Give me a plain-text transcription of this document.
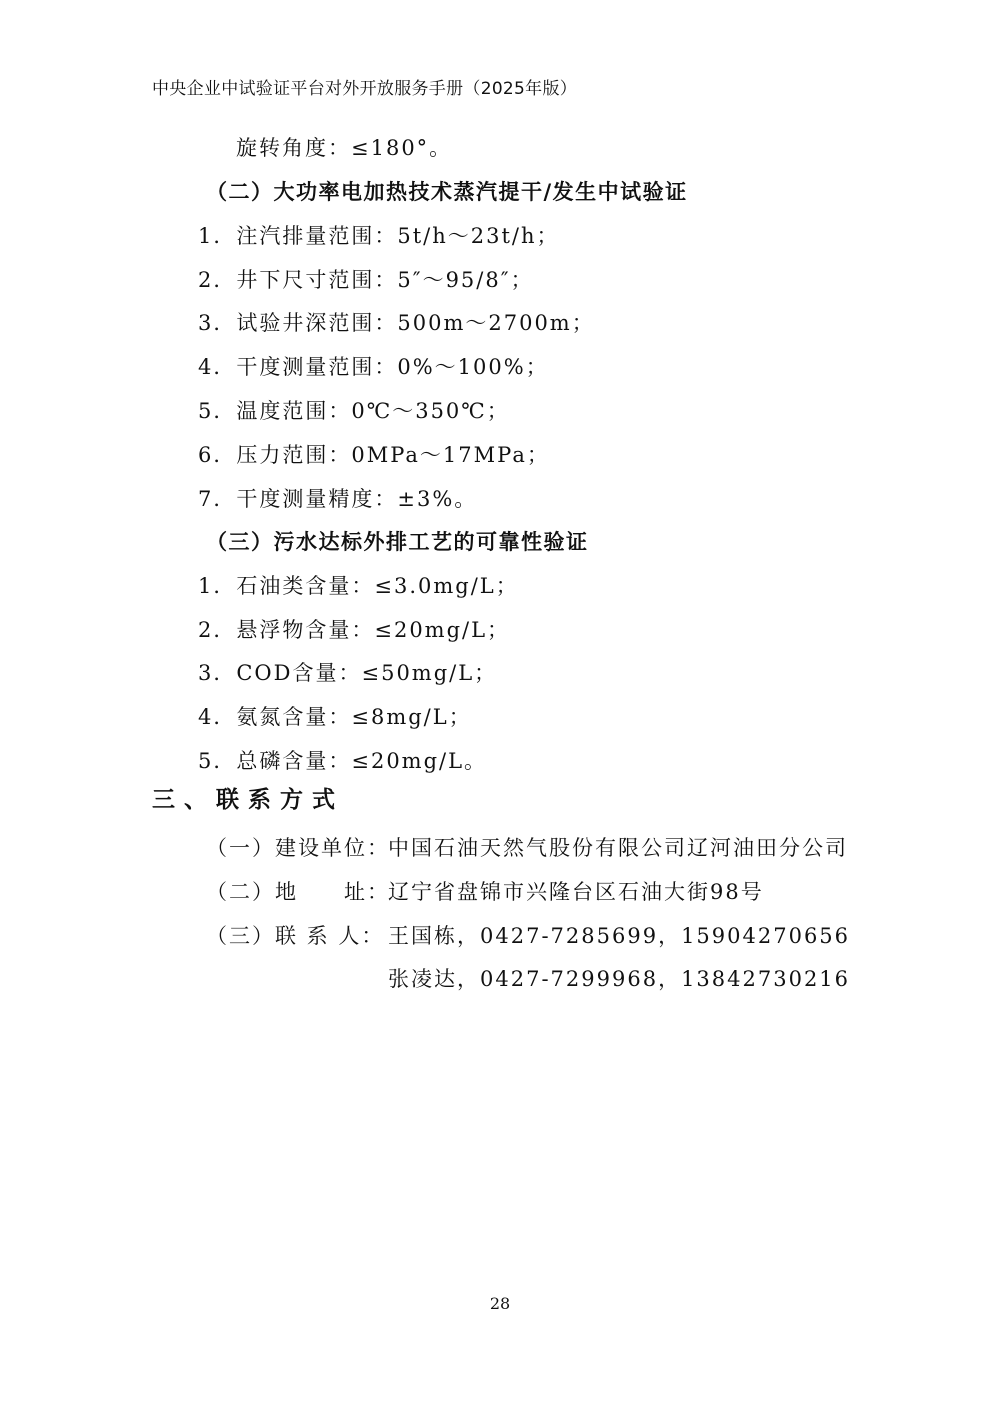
中央企业中试验证平台对外开放服务手册（2025年版）
旋转角度：≤180°。
（二）大功率电加热技术蒸汽提干/发生中试验证
1．注汽排量范围：5t/h～23t/h；
2．井下尺寸范围：5″～95/8″；
3．试验井深范围：500m～2700m；
4．干度测量范围：0%～100%；
5．温度范围：0℃～350℃；
6．压力范围：0MPa～17MPa；
7．干度测量精度：±3%。
（三）污水达标外排工艺的可靠性验证
1．石油类含量：≤3.0mg/L；
2．悬浮物含量：≤20mg/L；
3．COD含量：≤50mg/L；
4．氨氮含量：≤8mg/L；
5．总磷含量：≤20mg/L。
三、联系方式
（一）建设单位：中国石油天然气股份有限公司辽河油田分公司
（二）地　　址：辽宁省盘锦市兴隆台区石油大街98号
（三）联 系 人： 王国栋，0427-7285699，15904270656
张凌达，0427-7299968，13842730216
28
